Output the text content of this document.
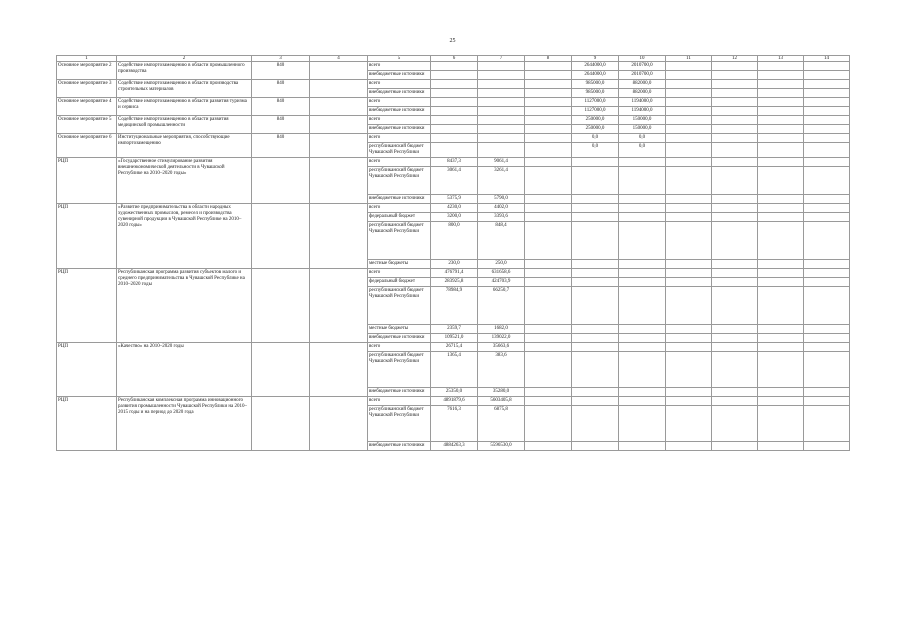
25
1	2	3	4	5	6	7	8	9	10	11	12	13	14
Основное мероприятие 2	Содействие импортозамещению в области промышленного производства	840		всего				2644000,0	2010700,0				
				внебюджетные источники				2644000,0	2010700,0				
Основное мероприятие 3	Содействие импортозамещению в области производства строительных материалов	840		всего				985000,0	882000,0				
				внебюджетные источники				985000,0	882000,0				
Основное мероприятие 4	Содействие импортозамещению в области развития туризма и сервиса	840		всего				1127000,0	1194000,0				
				внебюджетные источники				1127000,0	1194000,0				
Основное мероприятие 5	Содействие импортозамещению в области развития медицинской промышленности	840		всего				250000,0	150000,0				
				внебюджетные источники				250000,0	150000,0				
Основное мероприятие 6	Институциональные мероприятия, способствующие импортозамещению	840		всего				0,0	0,0				
				республиканский бюджет Чувашской Республики				0,0	0,0				
РЦП	«Государственное стимулирование развития внешнеэкономической деятельности в Чувашской Республике на 2010–2020 годы»			всего	8437,3	9061,4							
				республиканский бюджет Чувашской Республики	3061,4	3261,4							
				внебюджетные источники	5375,9	5790,0							
РЦП	«Развитие предпринимательства в области народных художественных промыслов, ремесел и производства сувенирной продукции в Чувашской Республике на 2010–2020 годы»			всего	4230,0	4402,0							
				федеральный бюджет	3200,0	3393,6							
				республиканский бюджет Чувашской Республики	800,0	848,4							
				местные бюджеты	230,0	250,0							
РЦП	Республиканская программа развития субъектов малого и среднего предпринимательства в Чувашской Республике на 2010–2020 годы			всего	476791,4	631658,6							
				федеральный бюджет	283925,8	424703,9							
				республиканский бюджет Чувашской Республики	78984,9	66250,7							
				местные бюджеты	2359,7	1682,0							
				внебюджетные источники	109521,0	139022,0							
РЦП	«Качество» на 2010–2020 годы			всего	26715,4	35663,6							
				республиканский бюджет Чувашской Республики	1365,4	383,6							
				внебюджетные источники	25350,0	35280,0							
РЦП	Республиканская комплексная программа инновационного развития промышленности Чувашской Республики на 2010–2015 годы и на период до 2020 года			всего	4891879,6	5603405,8							
				республиканский бюджет Чувашской Республики	7616,3	6875,8							
				внебюджетные источники	4884263,3	5596530,0							
